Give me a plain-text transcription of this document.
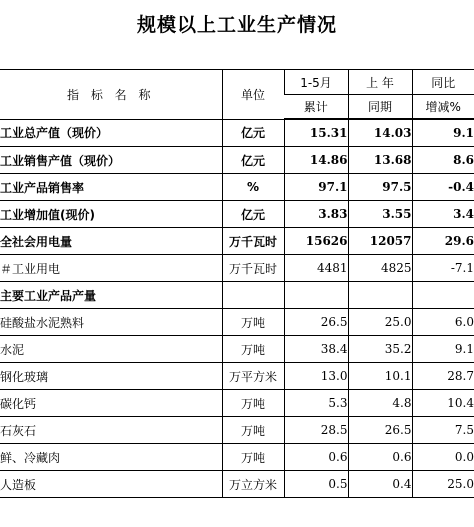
规模以上工业生产情况
指 标 名 称	单位	1-5月	上 年	同比
		累计	同期	增减%
工业总产值（现价）	亿元	15.31	14.03	9.1
工业销售产值（现价）	亿元	14.86	13.68	8.6
工业产品销售率	%	97.1	97.5	-0.4
工业增加值(现价)	亿元	3.83	3.55	3.4
全社会用电量	万千瓦时	15626	12057	29.6
＃工业用电	万千瓦时	4481	4825	-7.1
主要工业产品产量				
硅酸盐水泥熟料	万吨	26.5	25.0	6.0
水泥	万吨	38.4	35.2	9.1
钢化玻璃	万平方米	13.0	10.1	28.7
碳化钙	万吨	5.3	4.8	10.4
石灰石	万吨	28.5	26.5	7.5
鲜、冷藏肉	万吨	0.6	0.6	0.0
人造板	万立方米	0.5	0.4	25.0
